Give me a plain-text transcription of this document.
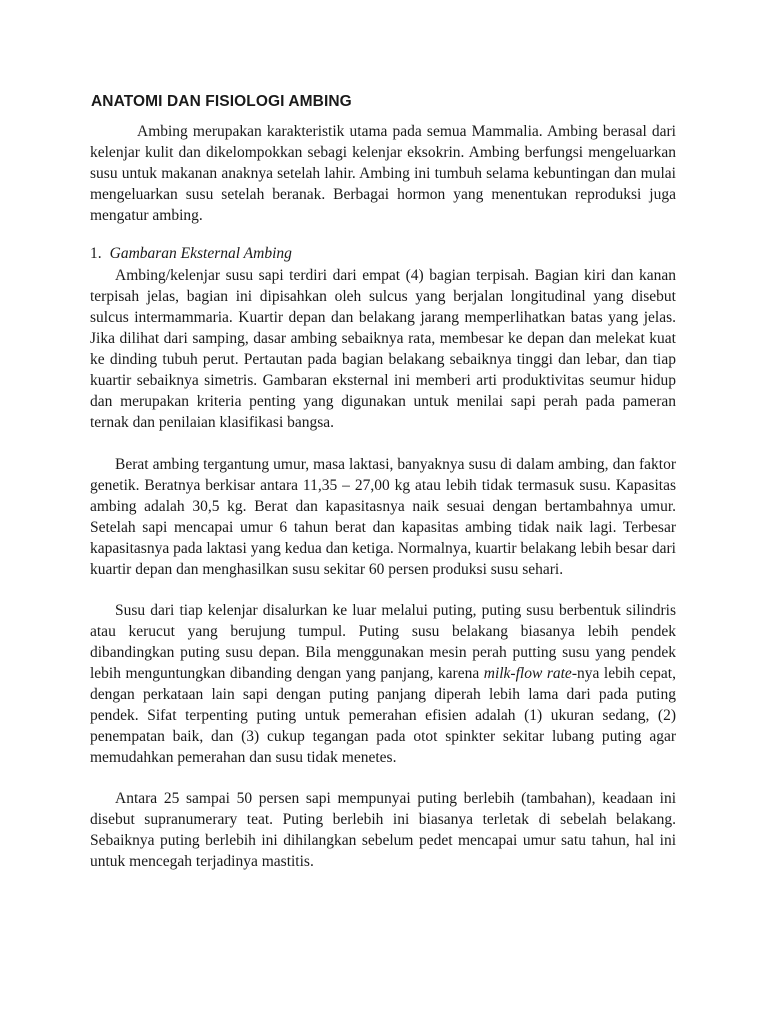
ANATOMI DAN FISIOLOGI AMBING

Ambing merupakan karakteristik utama pada semua Mammalia. Ambing berasal dari kelenjar kulit dan dikelompokkan sebagi kelenjar eksokrin. Ambing berfungsi mengeluarkan susu untuk makanan anaknya setelah lahir. Ambing ini tumbuh selama kebuntingan dan mulai mengeluarkan susu setelah beranak. Berbagai hormon yang menentukan reproduksi juga mengatur ambing.

1. Gambaran Eksternal Ambing

Ambing/kelenjar susu sapi terdiri dari empat (4) bagian terpisah. Bagian kiri dan kanan terpisah jelas, bagian ini dipisahkan oleh sulcus yang berjalan longitudinal yang disebut sulcus intermammaria. Kuartir depan dan belakang jarang memperlihatkan batas yang jelas. Jika dilihat dari samping, dasar ambing sebaiknya rata, membesar ke depan dan melekat kuat ke dinding tubuh perut. Pertautan pada bagian belakang sebaiknya tinggi dan lebar, dan tiap kuartir sebaiknya simetris. Gambaran eksternal ini memberi arti produktivitas seumur hidup dan merupakan kriteria penting yang digunakan untuk menilai sapi perah pada pameran ternak dan penilaian klasifikasi bangsa.

Berat ambing tergantung umur, masa laktasi, banyaknya susu di dalam ambing, dan faktor genetik. Beratnya berkisar antara 11,35 – 27,00 kg atau lebih tidak termasuk susu. Kapasitas ambing adalah 30,5 kg. Berat dan kapasitasnya naik sesuai dengan bertambahnya umur. Setelah sapi mencapai umur 6 tahun berat dan kapasitas ambing tidak naik lagi. Terbesar kapasitasnya pada laktasi yang kedua dan ketiga. Normalnya, kuartir belakang lebih besar dari kuartir depan dan menghasilkan susu sekitar 60 persen produksi susu sehari.

Susu dari tiap kelenjar disalurkan ke luar melalui puting, puting susu berbentuk silindris atau kerucut yang berujung tumpul. Puting susu belakang biasanya lebih pendek dibandingkan puting susu depan. Bila menggunakan mesin perah putting susu yang pendek lebih menguntungkan dibanding dengan yang panjang, karena milk-flow rate-nya lebih cepat, dengan perkataan lain sapi dengan puting panjang diperah lebih lama dari pada puting pendek. Sifat terpenting puting untuk pemerahan efisien adalah (1) ukuran sedang, (2) penempatan baik, dan (3) cukup tegangan pada otot spinkter sekitar lubang puting agar memudahkan pemerahan dan susu tidak menetes.

Antara 25 sampai 50 persen sapi mempunyai puting berlebih (tambahan), keadaan ini disebut supranumerary teat. Puting berlebih ini biasanya terletak di sebelah belakang. Sebaiknya puting berlebih ini dihilangkan sebelum pedet mencapai umur satu tahun, hal ini untuk mencegah terjadinya mastitis.
